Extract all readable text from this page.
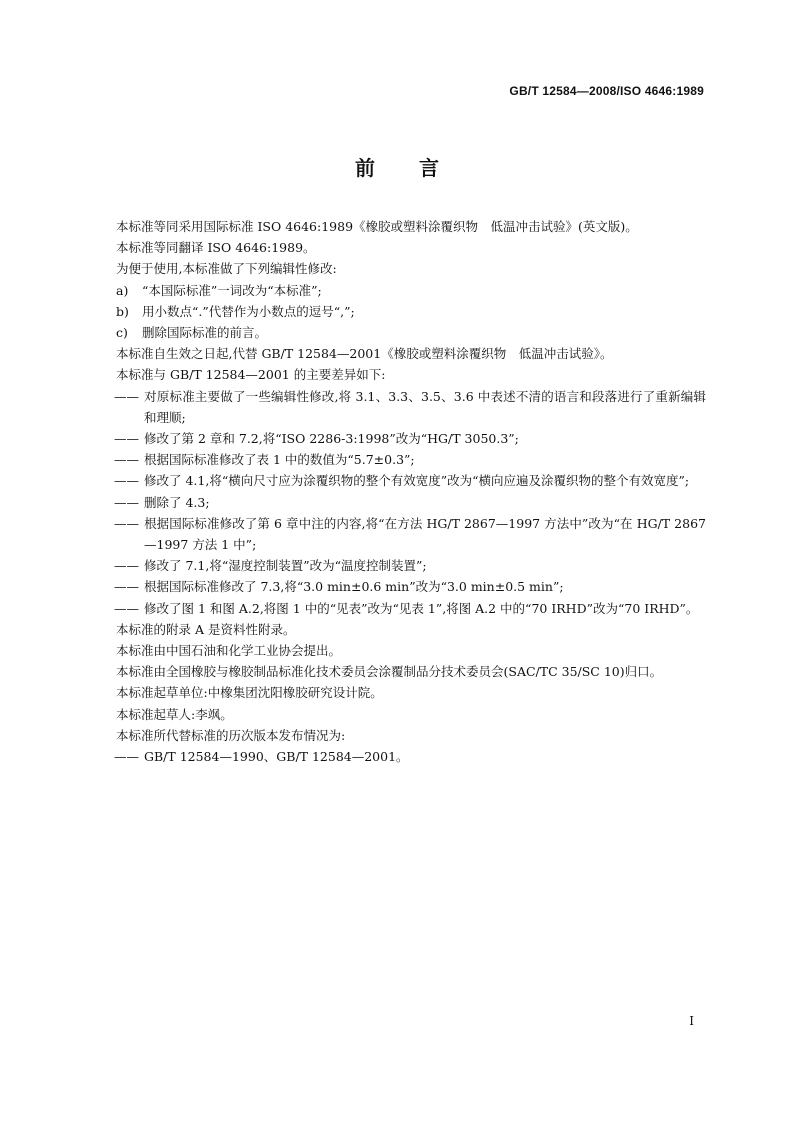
GB/T 12584—2008/ISO 4646:1989
前 言

本标准等同采用国际标准 ISO 4646:1989《橡胶或塑料涂覆织物　低温冲击试验》(英文版)。

本标准等同翻译 ISO 4646:1989。

为便于使用,本标准做了下列编辑性修改:

a) “本国际标准”一词改为“本标准”;

b) 用小数点“.”代替作为小数点的逗号“,”;

c) 删除国际标准的前言。

本标准自生效之日起,代替 GB/T 12584—2001《橡胶或塑料涂覆织物　低温冲击试验》。

本标准与 GB/T 12584—2001 的主要差异如下:

—— 对原标准主要做了一些编辑性修改,将 3.1、3.3、3.5、3.6 中表述不清的语言和段落进行了重新编辑和理顺;

—— 修改了第 2 章和 7.2,将“ISO 2286-3:1998”改为“HG/T 3050.3”;

—— 根据国际标准修改了表 1 中的数值为“5.7±0.3”;

—— 修改了 4.1,将“横向尺寸应为涂覆织物的整个有效宽度”改为“横向应遍及涂覆织物的整个有效宽度”;

—— 删除了 4.3;

—— 根据国际标准修改了第 6 章中注的内容,将“在方法 HG/T 2867—1997 方法中”改为“在 HG/T 2867—1997 方法 1 中”;

—— 修改了 7.1,将“湿度控制装置”改为“温度控制装置”;

—— 根据国际标准修改了 7.3,将“3.0 min±0.6 min”改为“3.0 min±0.5 min”;

—— 修改了图 1 和图 A.2,将图 1 中的“见表”改为“见表 1”,将图 A.2 中的“70 IRHD”改为“70 IRHD”。

本标准的附录 A 是资料性附录。

本标准由中国石油和化学工业协会提出。

本标准由全国橡胶与橡胶制品标准化技术委员会涂覆制品分技术委员会(SAC/TC 35/SC 10)归口。

本标准起草单位:中橡集团沈阳橡胶研究设计院。

本标准起草人:李飒。

本标准所代替标准的历次版本发布情况为:

—— GB/T 12584—1990、GB/T 12584—2001。

I
